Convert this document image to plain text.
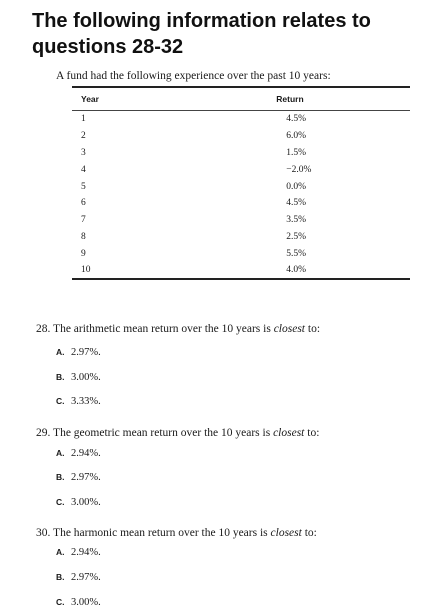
The following information relates to questions 28-32
A fund had the following experience over the past 10 years:
Year	Return
1	4.5%
2	6.0%
3	1.5%
4	−2.0%
5	0.0%
6	4.5%
7	3.5%
8	2.5%
9	5.5%
10	4.0%
28. The arithmetic mean return over the 10 years is closest to:
A. 2.97%.
B. 3.00%.
C. 3.33%.
29. The geometric mean return over the 10 years is closest to:
A. 2.94%.
B. 2.97%.
C. 3.00%.
30. The harmonic mean return over the 10 years is closest to:
A. 2.94%.
B. 2.97%.
C. 3.00%.
